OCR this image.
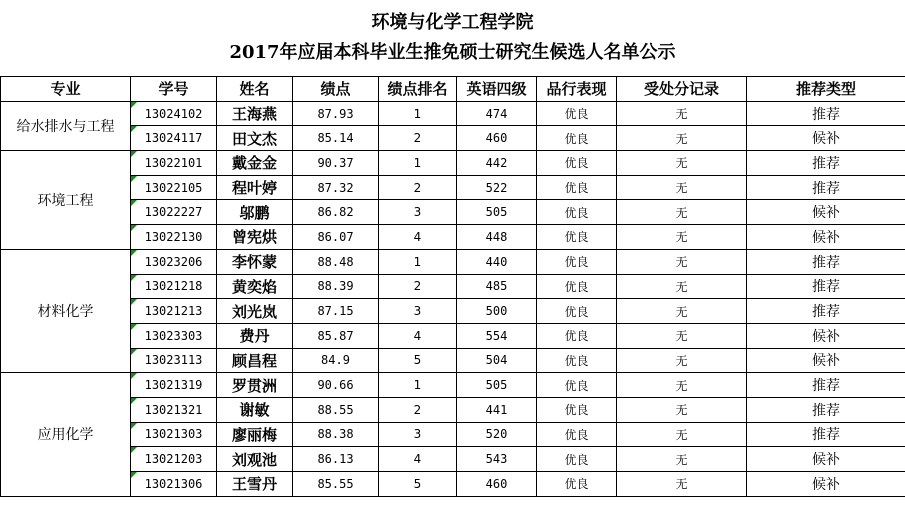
环境与化学工程学院
2017年应届本科毕业生推免硕士研究生候选人名单公示
专业	学号	姓名	绩点	绩点排名	英语四级	品行表现	受处分记录	推荐类型
给水排水与工程	13024102	王海燕	87.93	1	474	优良	无	推荐
	13024117	田文杰	85.14	2	460	优良	无	候补
环境工程	13022101	戴金金	90.37	1	442	优良	无	推荐
	13022105	程叶婷	87.32	2	522	优良	无	推荐
	13022227	邬鹏	86.82	3	505	优良	无	候补
	13022130	曾宪烘	86.07	4	448	优良	无	候补
材料化学	13023206	李怀蒙	88.48	1	440	优良	无	推荐
	13021218	黄奕焰	88.39	2	485	优良	无	推荐
	13021213	刘光岚	87.15	3	500	优良	无	推荐
	13023303	费丹	85.87	4	554	优良	无	候补
	13023113	顾昌程	84.9	5	504	优良	无	候补
应用化学	13021319	罗贯洲	90.66	1	505	优良	无	推荐
	13021321	谢敏	88.55	2	441	优良	无	推荐
	13021303	廖丽梅	88.38	3	520	优良	无	推荐
	13021203	刘观池	86.13	4	543	优良	无	候补
	13021306	王雪丹	85.55	5	460	优良	无	候补
